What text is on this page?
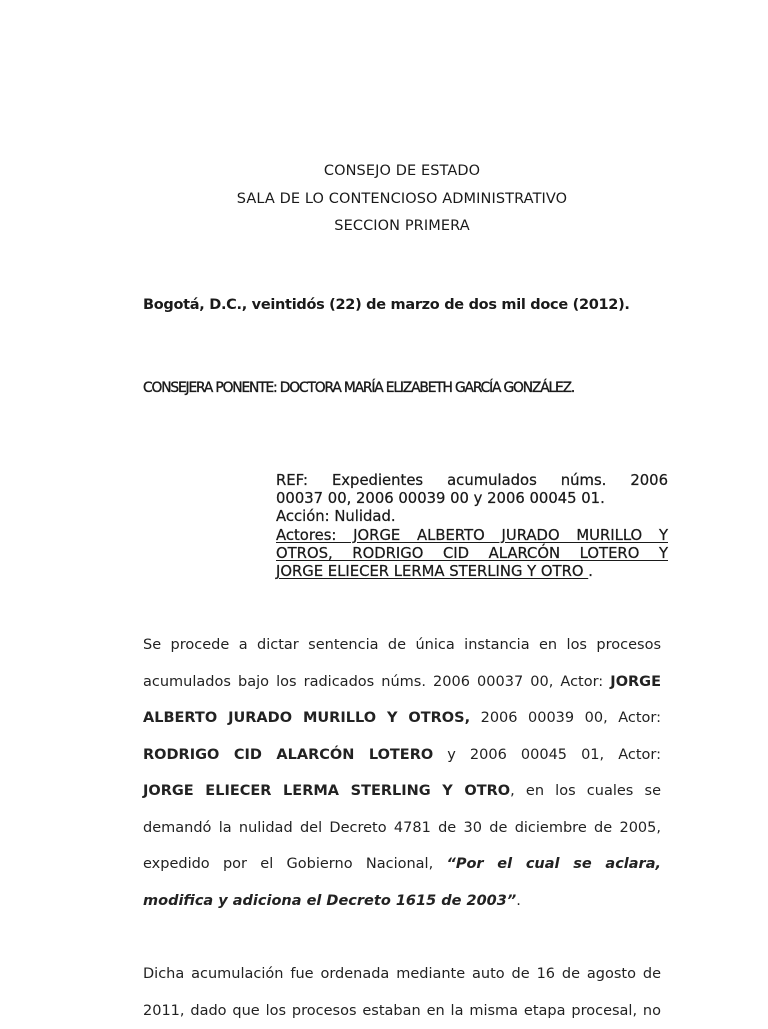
CONSEJO DE ESTADO
SALA DE LO CONTENCIOSO ADMINISTRATIVO
SECCION PRIMERA
Bogotá, D.C., veintidós (22) de marzo de dos mil doce (2012).
CONSEJERA PONENTE: DOCTORA MARÍA ELIZABETH GARCÍA GONZÁLEZ.
REF: Expedientes acumulados núms. 2006
00037 00, 2006 00039 00 y 2006 00045 01.
Acción: Nulidad.
Actores: JORGE ALBERTO JURADO MURILLO Y
OTROS, RODRIGO CID ALARCÓN LOTERO Y
JORGE ELIECER LERMA STERLING Y OTRO .
Se procede a dictar sentencia de única instancia en los procesos
acumulados bajo los radicados núms. 2006 00037 00, Actor: JORGE
ALBERTO JURADO MURILLO Y OTROS, 2006 00039 00, Actor:
RODRIGO CID ALARCÓN LOTERO y 2006 00045 01, Actor:
JORGE ELIECER LERMA STERLING Y OTRO, en los cuales se
demandó la nulidad del Decreto 4781 de 30 de diciembre de 2005,
expedido por el Gobierno Nacional, “Por el cual se aclara,
modifica y adiciona el Decreto 1615 de 2003”.
Dicha acumulación fue ordenada mediante auto de 16 de agosto de
2011, dado que los procesos estaban en la misma etapa procesal, no
